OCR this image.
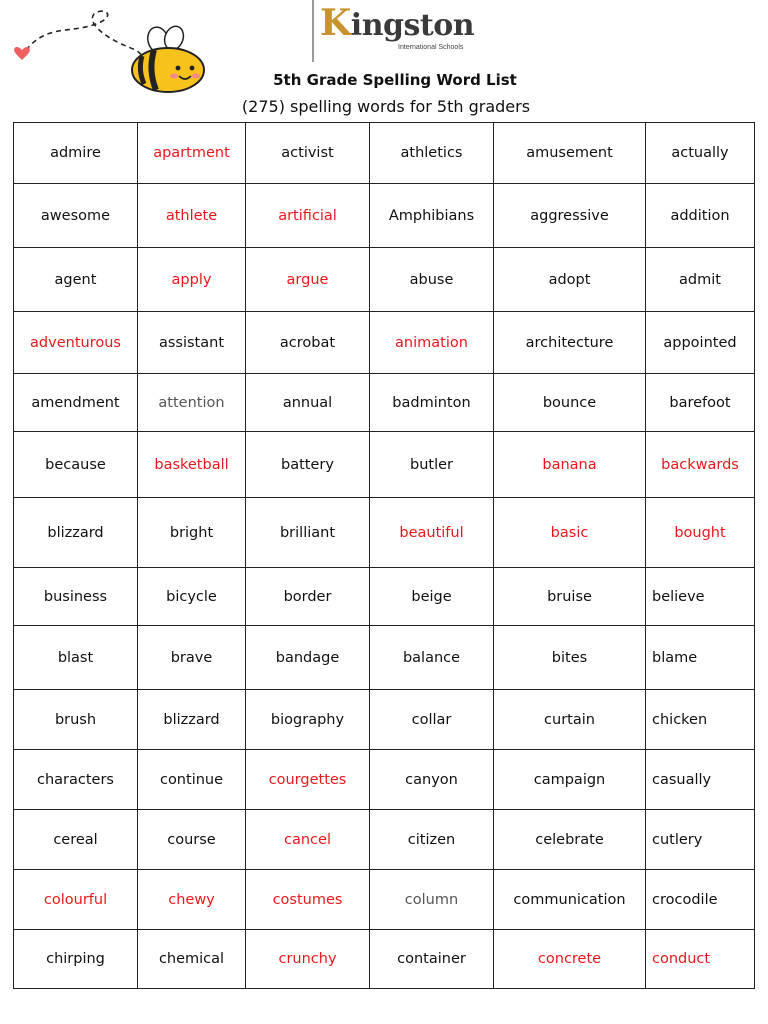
Kingston
International Schools
5th Grade Spelling Word List
(275) spelling words for 5th graders
admire	apartment	activist	athletics	amusement	actually
awesome	athlete	artificial	Amphibians	aggressive	addition
agent	apply	argue	abuse	adopt	admit
adventurous	assistant	acrobat	animation	architecture	appointed
amendment	attention	annual	badminton	bounce	barefoot
because	basketball	battery	butler	banana	backwards
blizzard	bright	brilliant	beautiful	basic	bought
business	bicycle	border	beige	bruise	believe
blast	brave	bandage	balance	bites	blame
brush	blizzard	biography	collar	curtain	chicken
characters	continue	courgettes	canyon	campaign	casually
cereal	course	cancel	citizen	celebrate	cutlery
colourful	chewy	costumes	column	communication	crocodile
chirping	chemical	crunchy	container	concrete	conduct
